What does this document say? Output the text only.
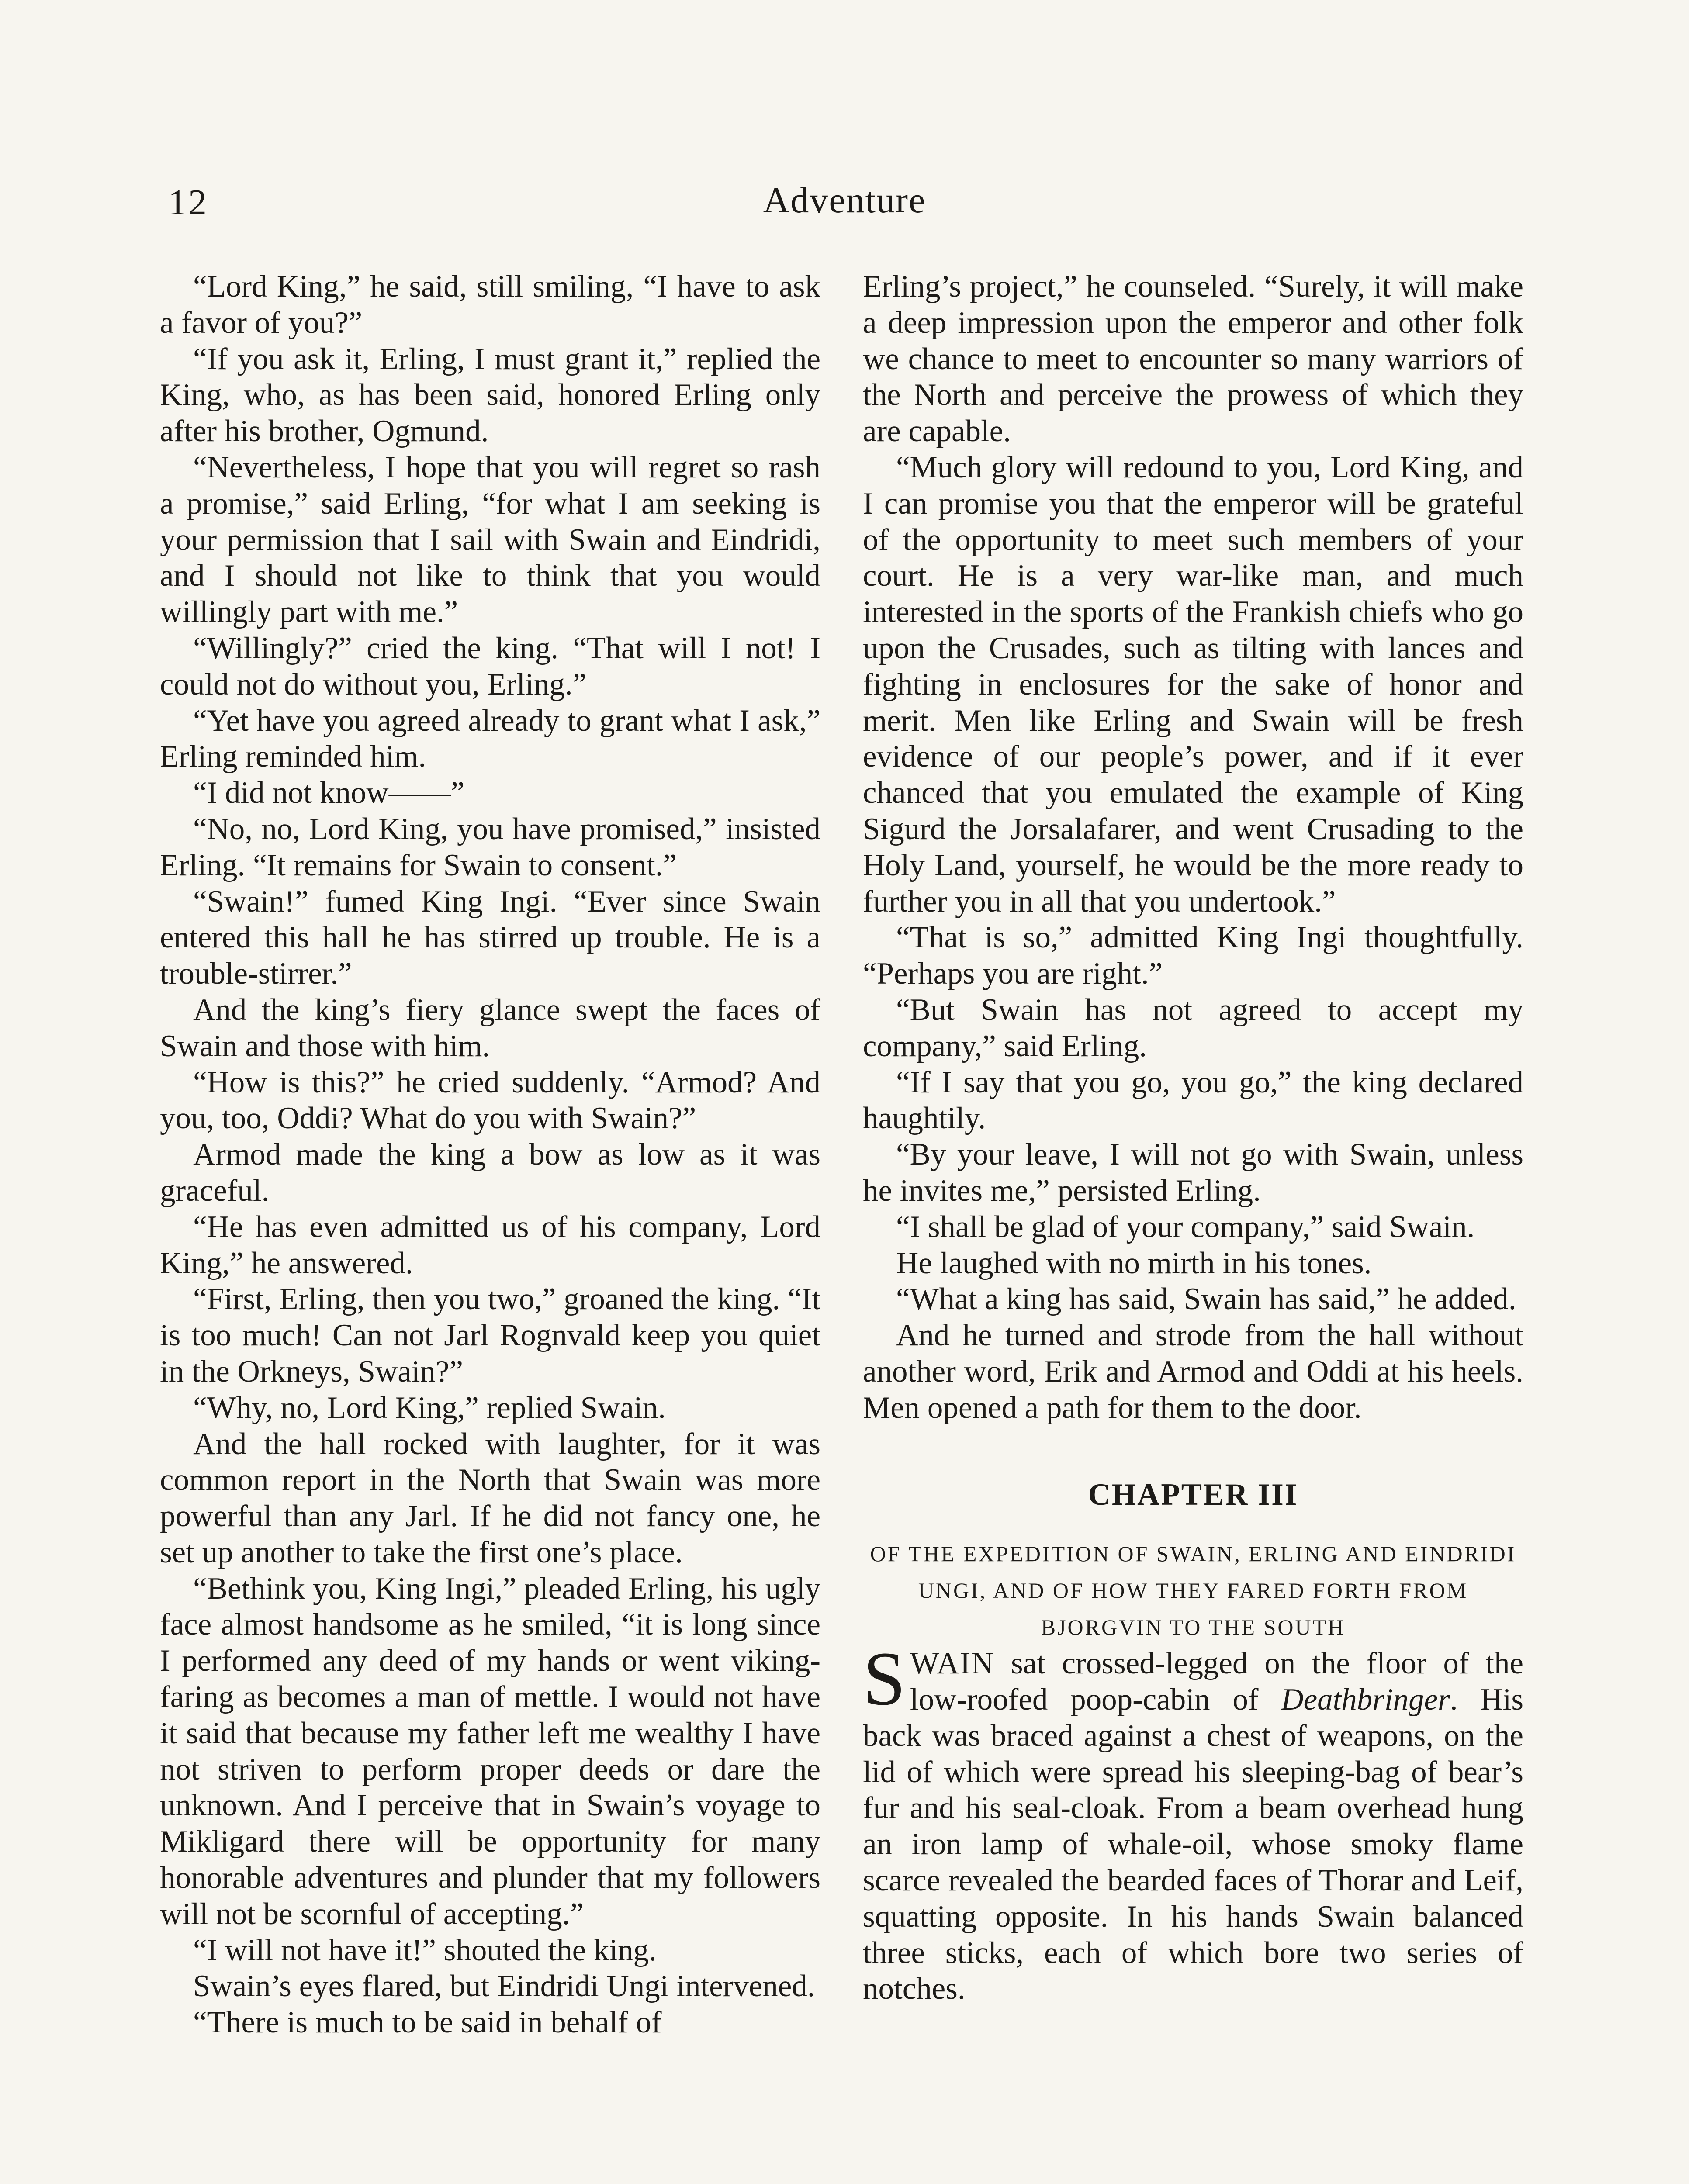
12	Adventure

“Lord King,” he said, still smiling, “I have to ask a favor of you?”

“If you ask it, Erling, I must grant it,” replied the King, who, as has been said, honored Erling only after his brother, Ogmund.

“Nevertheless, I hope that you will regret so rash a promise,” said Erling, “for what I am seeking is your permission that I sail with Swain and Eindridi, and I should not like to think that you would willingly part with me.”

“Willingly?” cried the king. “That will I not! I could not do without you, Erling.”

“Yet have you agreed already to grant what I ask,” Erling reminded him.

“I did not know——”

“No, no, Lord King, you have promised,” insisted Erling. “It remains for Swain to consent.”

“Swain!” fumed King Ingi. “Ever since Swain entered this hall he has stirred up trouble. He is a trouble-stirrer.”

And the king’s fiery glance swept the faces of Swain and those with him.

“How is this?” he cried suddenly. “Armod? And you, too, Oddi? What do you with Swain?”

Armod made the king a bow as low as it was graceful.

“He has even admitted us of his company, Lord King,” he answered.

“First, Erling, then you two,” groaned the king. “It is too much! Can not Jarl Rognvald keep you quiet in the Orkneys, Swain?”

“Why, no, Lord King,” replied Swain.

And the hall rocked with laughter, for it was common report in the North that Swain was more powerful than any Jarl. If he did not fancy one, he set up another to take the first one’s place.

“Bethink you, King Ingi,” pleaded Erling, his ugly face almost handsome as he smiled, “it is long since I performed any deed of my hands or went viking-faring as becomes a man of mettle. I would not have it said that because my father left me wealthy I have not striven to perform proper deeds or dare the unknown. And I perceive that in Swain’s voyage to Mikligard there will be opportunity for many honorable adventures and plunder that my followers will not be scornful of accepting.”

“I will not have it!” shouted the king.

Swain’s eyes flared, but Eindridi Ungi intervened.

“There is much to be said in behalf of

Erling’s project,” he counseled. “Surely, it will make a deep impression upon the emperor and other folk we chance to meet to encounter so many warriors of the North and perceive the prowess of which they are capable.

“Much glory will redound to you, Lord King, and I can promise you that the emperor will be grateful of the opportunity to meet such members of your court. He is a very war-like man, and much interested in the sports of the Frankish chiefs who go upon the Crusades, such as tilting with lances and fighting in enclosures for the sake of honor and merit. Men like Erling and Swain will be fresh evidence of our people’s power, and if it ever chanced that you emulated the example of King Sigurd the Jorsalafarer, and went Crusading to the Holy Land, yourself, he would be the more ready to further you in all that you undertook.”

“That is so,” admitted King Ingi thoughtfully. “Perhaps you are right.”

“But Swain has not agreed to accept my company,” said Erling.

“If I say that you go, you go,” the king declared haughtily.

“By your leave, I will not go with Swain, unless he invites me,” persisted Erling.

“I shall be glad of your company,” said Swain.

He laughed with no mirth in his tones.

“What a king has said, Swain has said,” he added.

And he turned and strode from the hall without another word, Erik and Armod and Oddi at his heels. Men opened a path for them to the door.

CHAPTER III
OF THE EXPEDITION OF SWAIN, ERLING AND EINDRIDI UNGI, AND OF HOW THEY FARED FORTH FROM BJORGVIN TO THE SOUTH

SWAIN sat crossed-legged on the floor of the low-roofed poop-cabin of Deathbringer. His back was braced against a chest of weapons, on the lid of which were spread his sleeping-bag of bear’s fur and his seal-cloak. From a beam overhead hung an iron lamp of whale-oil, whose smoky flame scarce revealed the bearded faces of Thorar and Leif, squatting opposite. In his hands Swain balanced three sticks, each of which bore two series of notches.
